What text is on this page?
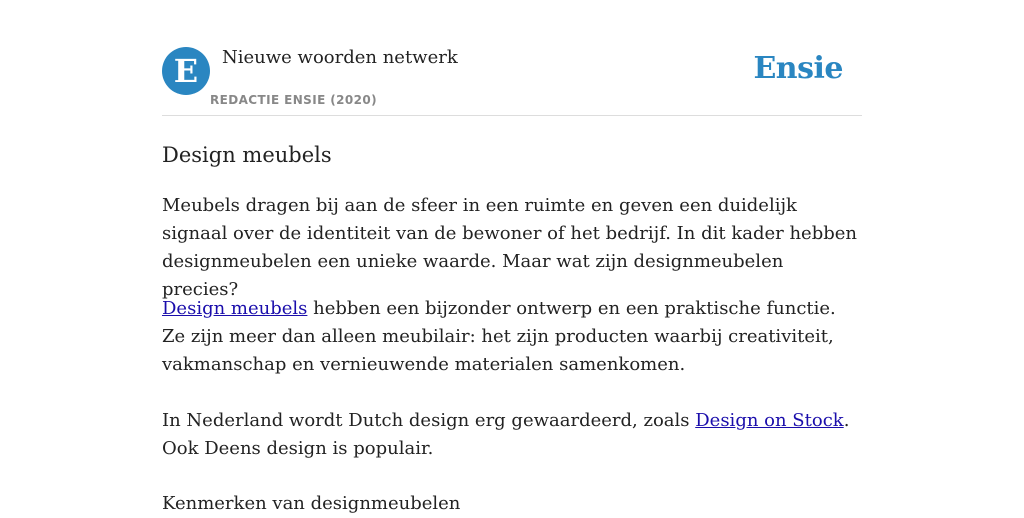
E	Nieuwe woorden netwerk
REDACTIE ENSIE (2020)
Ensie
Design meubels

Meubels dragen bij aan de sfeer in een ruimte en geven een duidelijk signaal over de identiteit van de bewoner of het bedrijf. In dit kader hebben designmeubelen een unieke waarde. Maar wat zijn designmeubelen precies?

Design meubels hebben een bijzonder ontwerp en een praktische functie. Ze zijn meer dan alleen meubilair: het zijn producten waarbij creativiteit, vakmanschap en vernieuwende materialen samenkomen.

In Nederland wordt Dutch design erg gewaardeerd, zoals Design on Stock. Ook Deens design is populair.

Kenmerken van designmeubelen
